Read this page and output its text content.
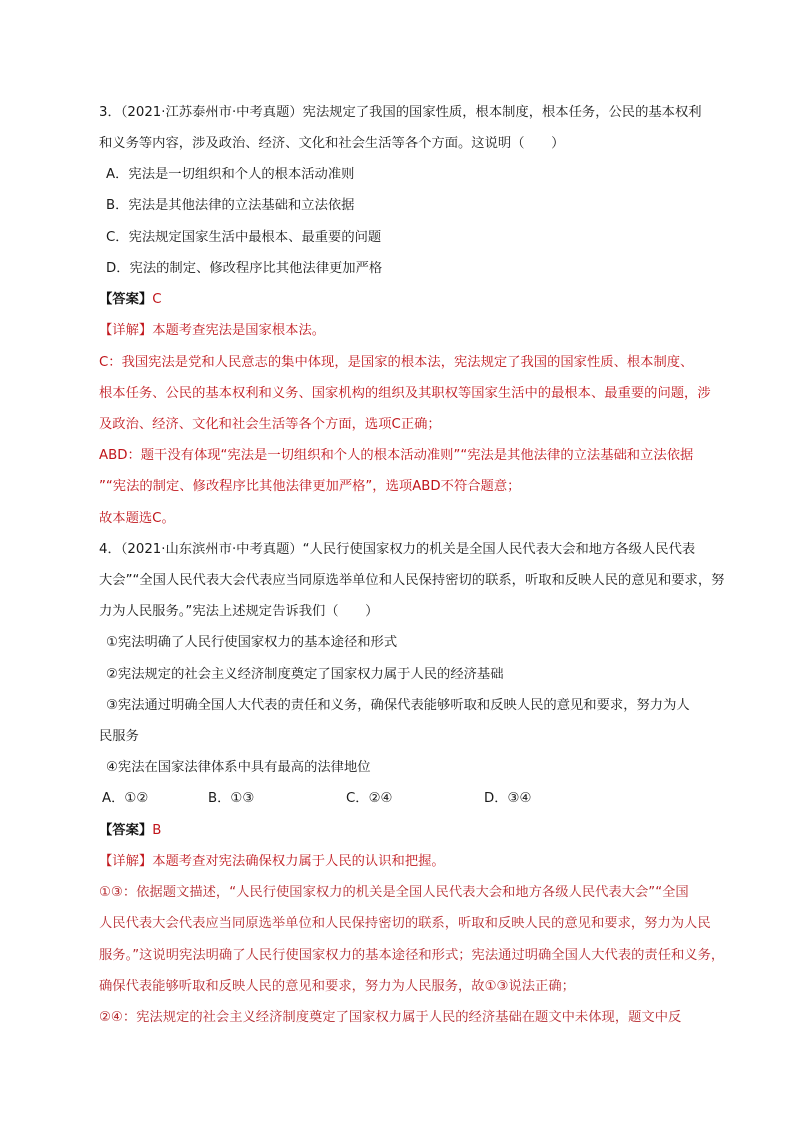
3．（2021·江苏泰州市·中考真题）宪法规定了我国的国家性质，根本制度，根本任务，公民的基本权利
和义务等内容，涉及政治、经济、文化和社会生活等各个方面。这说明（　　）
A．宪法是一切组织和个人的根本活动准则
B．宪法是其他法律的立法基础和立法依据
C．宪法规定国家生活中最根本、最重要的问题
D．宪法的制定、修改程序比其他法律更加严格
【答案】C
【详解】本题考查宪法是国家根本法。
C：我国宪法是党和人民意志的集中体现，是国家的根本法，宪法规定了我国的国家性质、根本制度、
根本任务、公民的基本权利和义务、国家机构的组织及其职权等国家生活中的最根本、最重要的问题，涉
及政治、经济、文化和社会生活等各个方面，选项C正确；
ABD：题干没有体现“宪法是一切组织和个人的根本活动准则”“宪法是其他法律的立法基础和立法依据
”“宪法的制定、修改程序比其他法律更加严格”，选项ABD不符合题意；
故本题选C。
4．（2021·山东滨州市·中考真题）“人民行使国家权力的机关是全国人民代表大会和地方各级人民代表
大会”“全国人民代表大会代表应当同原选举单位和人民保持密切的联系，听取和反映人民的意见和要求，努
力为人民服务。”宪法上述规定告诉我们（　　）
①宪法明确了人民行使国家权力的基本途径和形式
②宪法规定的社会主义经济制度奠定了国家权力属于人民的经济基础
③宪法通过明确全国人大代表的责任和义务，确保代表能够听取和反映人民的意见和要求，努力为人
民服务
④宪法在国家法律体系中具有最高的法律地位
A．①②	B．①③	C．②④	D．③④
【答案】B
【详解】本题考查对宪法确保权力属于人民的认识和把握。
①③：依据题文描述，“人民行使国家权力的机关是全国人民代表大会和地方各级人民代表大会”“全国
人民代表大会代表应当同原选举单位和人民保持密切的联系，听取和反映人民的意见和要求，努力为人民
服务。”这说明宪法明确了人民行使国家权力的基本途径和形式；宪法通过明确全国人大代表的责任和义务，
确保代表能够听取和反映人民的意见和要求，努力为人民服务，故①③说法正确；
②④：宪法规定的社会主义经济制度奠定了国家权力属于人民的经济基础在题文中未体现，题文中反
